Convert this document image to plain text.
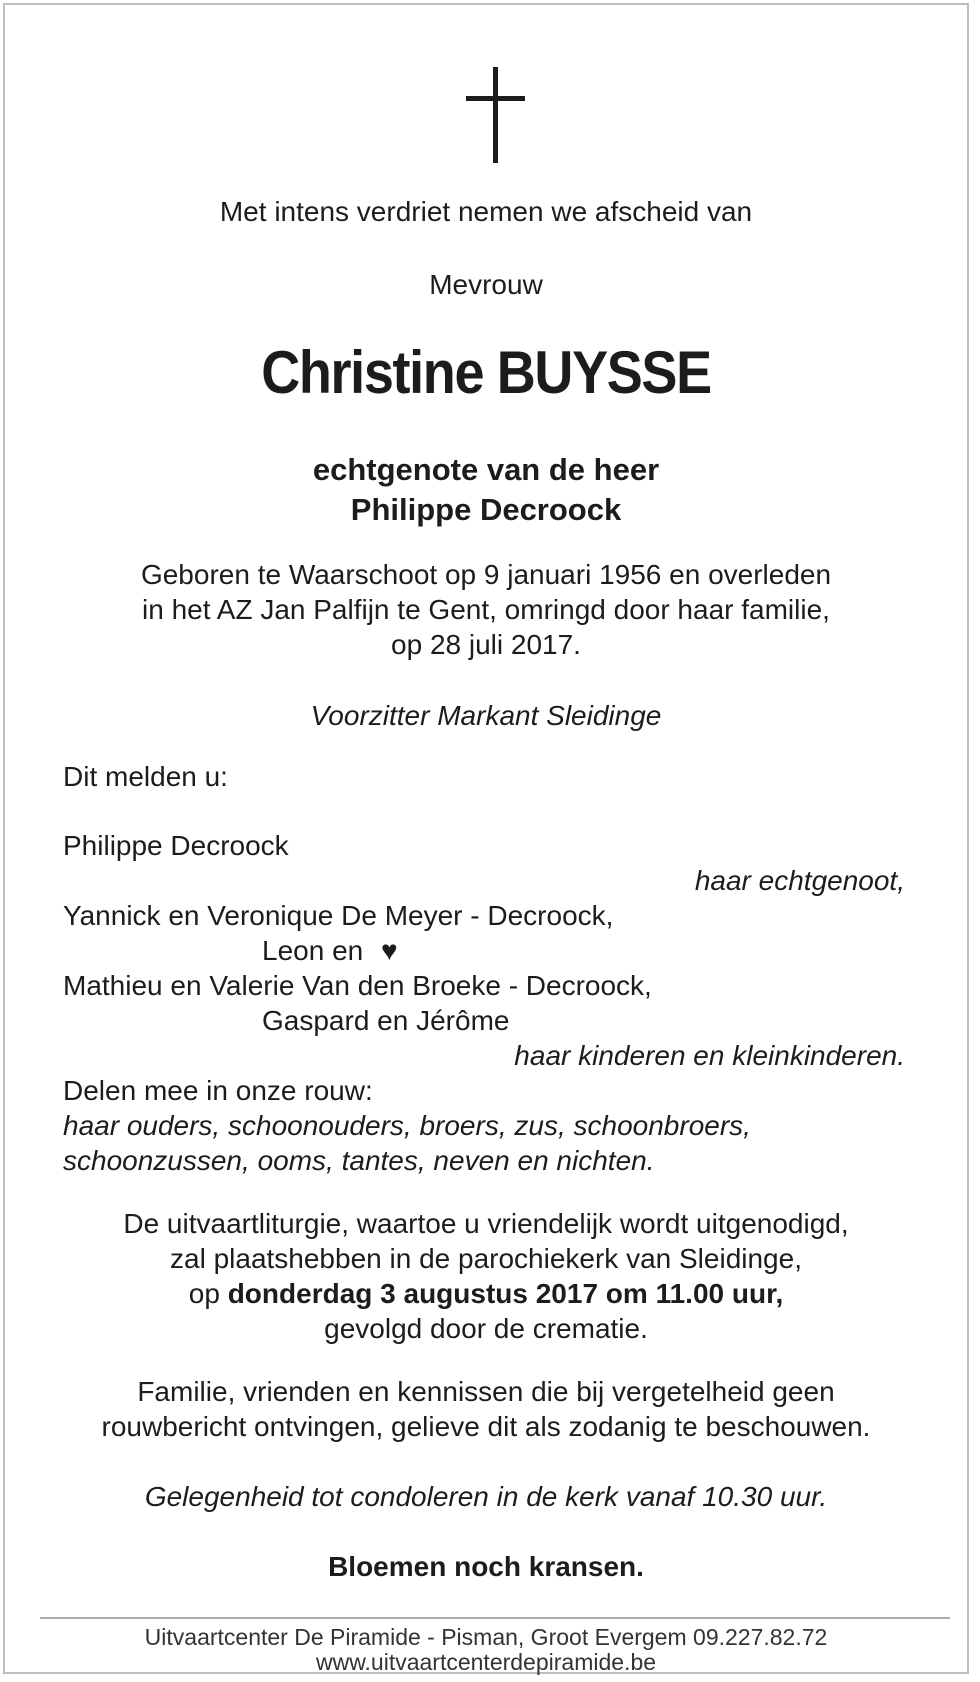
Met intens verdriet nemen we afscheid van
Mevrouw
Christine BUYSSE
echtgenote van de heer
Philippe Decroock
Geboren te Waarschoot op 9 januari 1956 en overleden
in het AZ Jan Palfijn te Gent, omringd door haar familie,
op 28 juli 2017.
Voorzitter Markant Sleidinge
Dit melden u:
Philippe Decroock
haar echtgenoot,
Yannick en Veronique De Meyer - Decroock,
Leon en ♥
Mathieu en Valerie Van den Broeke - Decroock,
Gaspard en Jérôme
haar kinderen en kleinkinderen.
Delen mee in onze rouw:
haar ouders, schoonouders, broers, zus, schoonbroers,
schoonzussen, ooms, tantes, neven en nichten.
De uitvaartliturgie, waartoe u vriendelijk wordt uitgenodigd,
zal plaatshebben in de parochiekerk van Sleidinge,
op donderdag 3 augustus 2017 om 11.00 uur,
gevolgd door de crematie.
Familie, vrienden en kennissen die bij vergetelheid geen
rouwbericht ontvingen, gelieve dit als zodanig te beschouwen.
Gelegenheid tot condoleren in de kerk vanaf 10.30 uur.
Bloemen noch kransen.
Uitvaartcenter De Piramide - Pisman, Groot Evergem 09.227.82.72
www.uitvaartcenterdepiramide.be
